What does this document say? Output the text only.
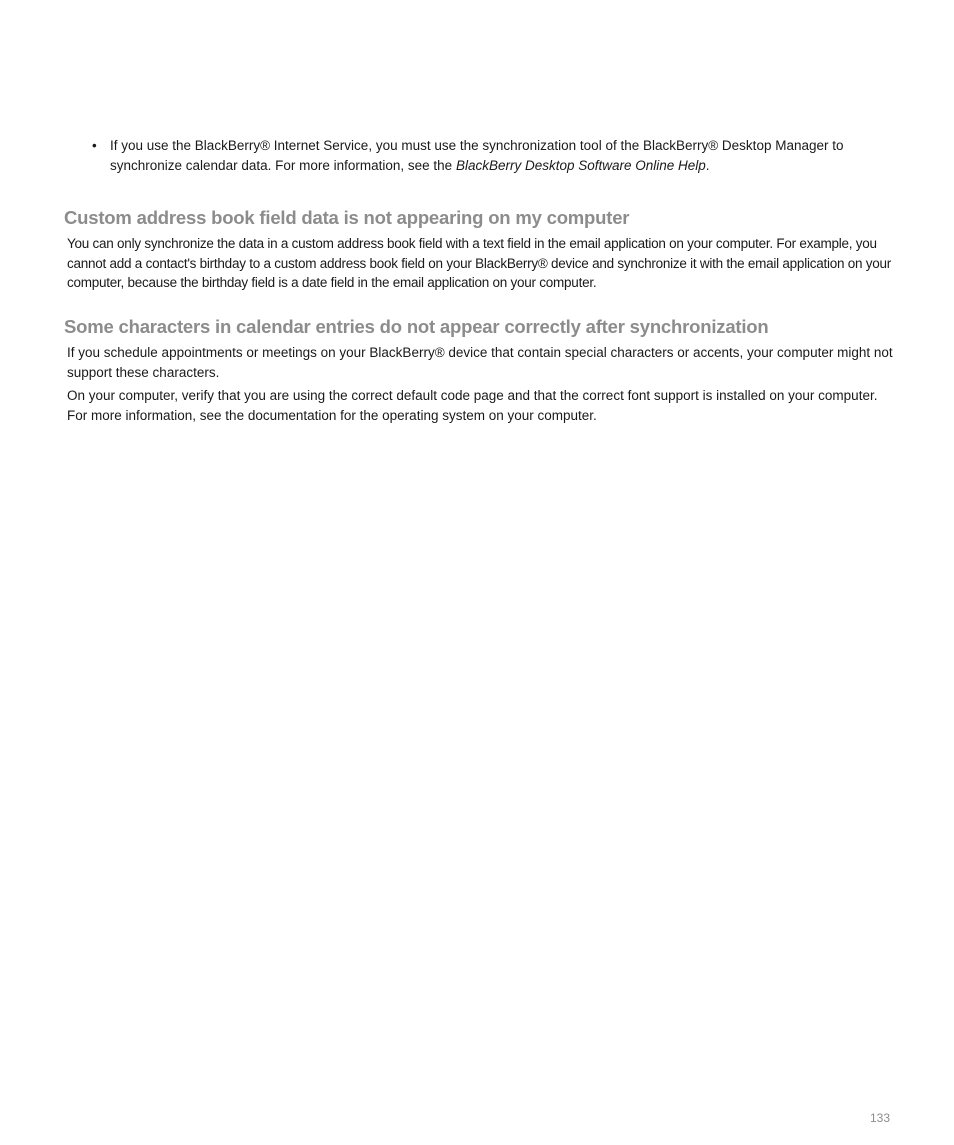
• If you use the BlackBerry® Internet Service, you must use the synchronization tool of the BlackBerry® Desktop Manager to synchronize calendar data. For more information, see the BlackBerry Desktop Software Online Help.
Custom address book field data is not appearing on my computer

You can only synchronize the data in a custom address book field with a text field in the email application on your computer. For example, you cannot add a contact's birthday to a custom address book field on your BlackBerry® device and synchronize it with the email application on your computer, because the birthday field is a date field in the email application on your computer.

Some characters in calendar entries do not appear correctly after synchronization

If you schedule appointments or meetings on your BlackBerry® device that contain special characters or accents, your computer might not support these characters.

On your computer, verify that you are using the correct default code page and that the correct font support is installed on your computer. For more information, see the documentation for the operating system on your computer.

133
